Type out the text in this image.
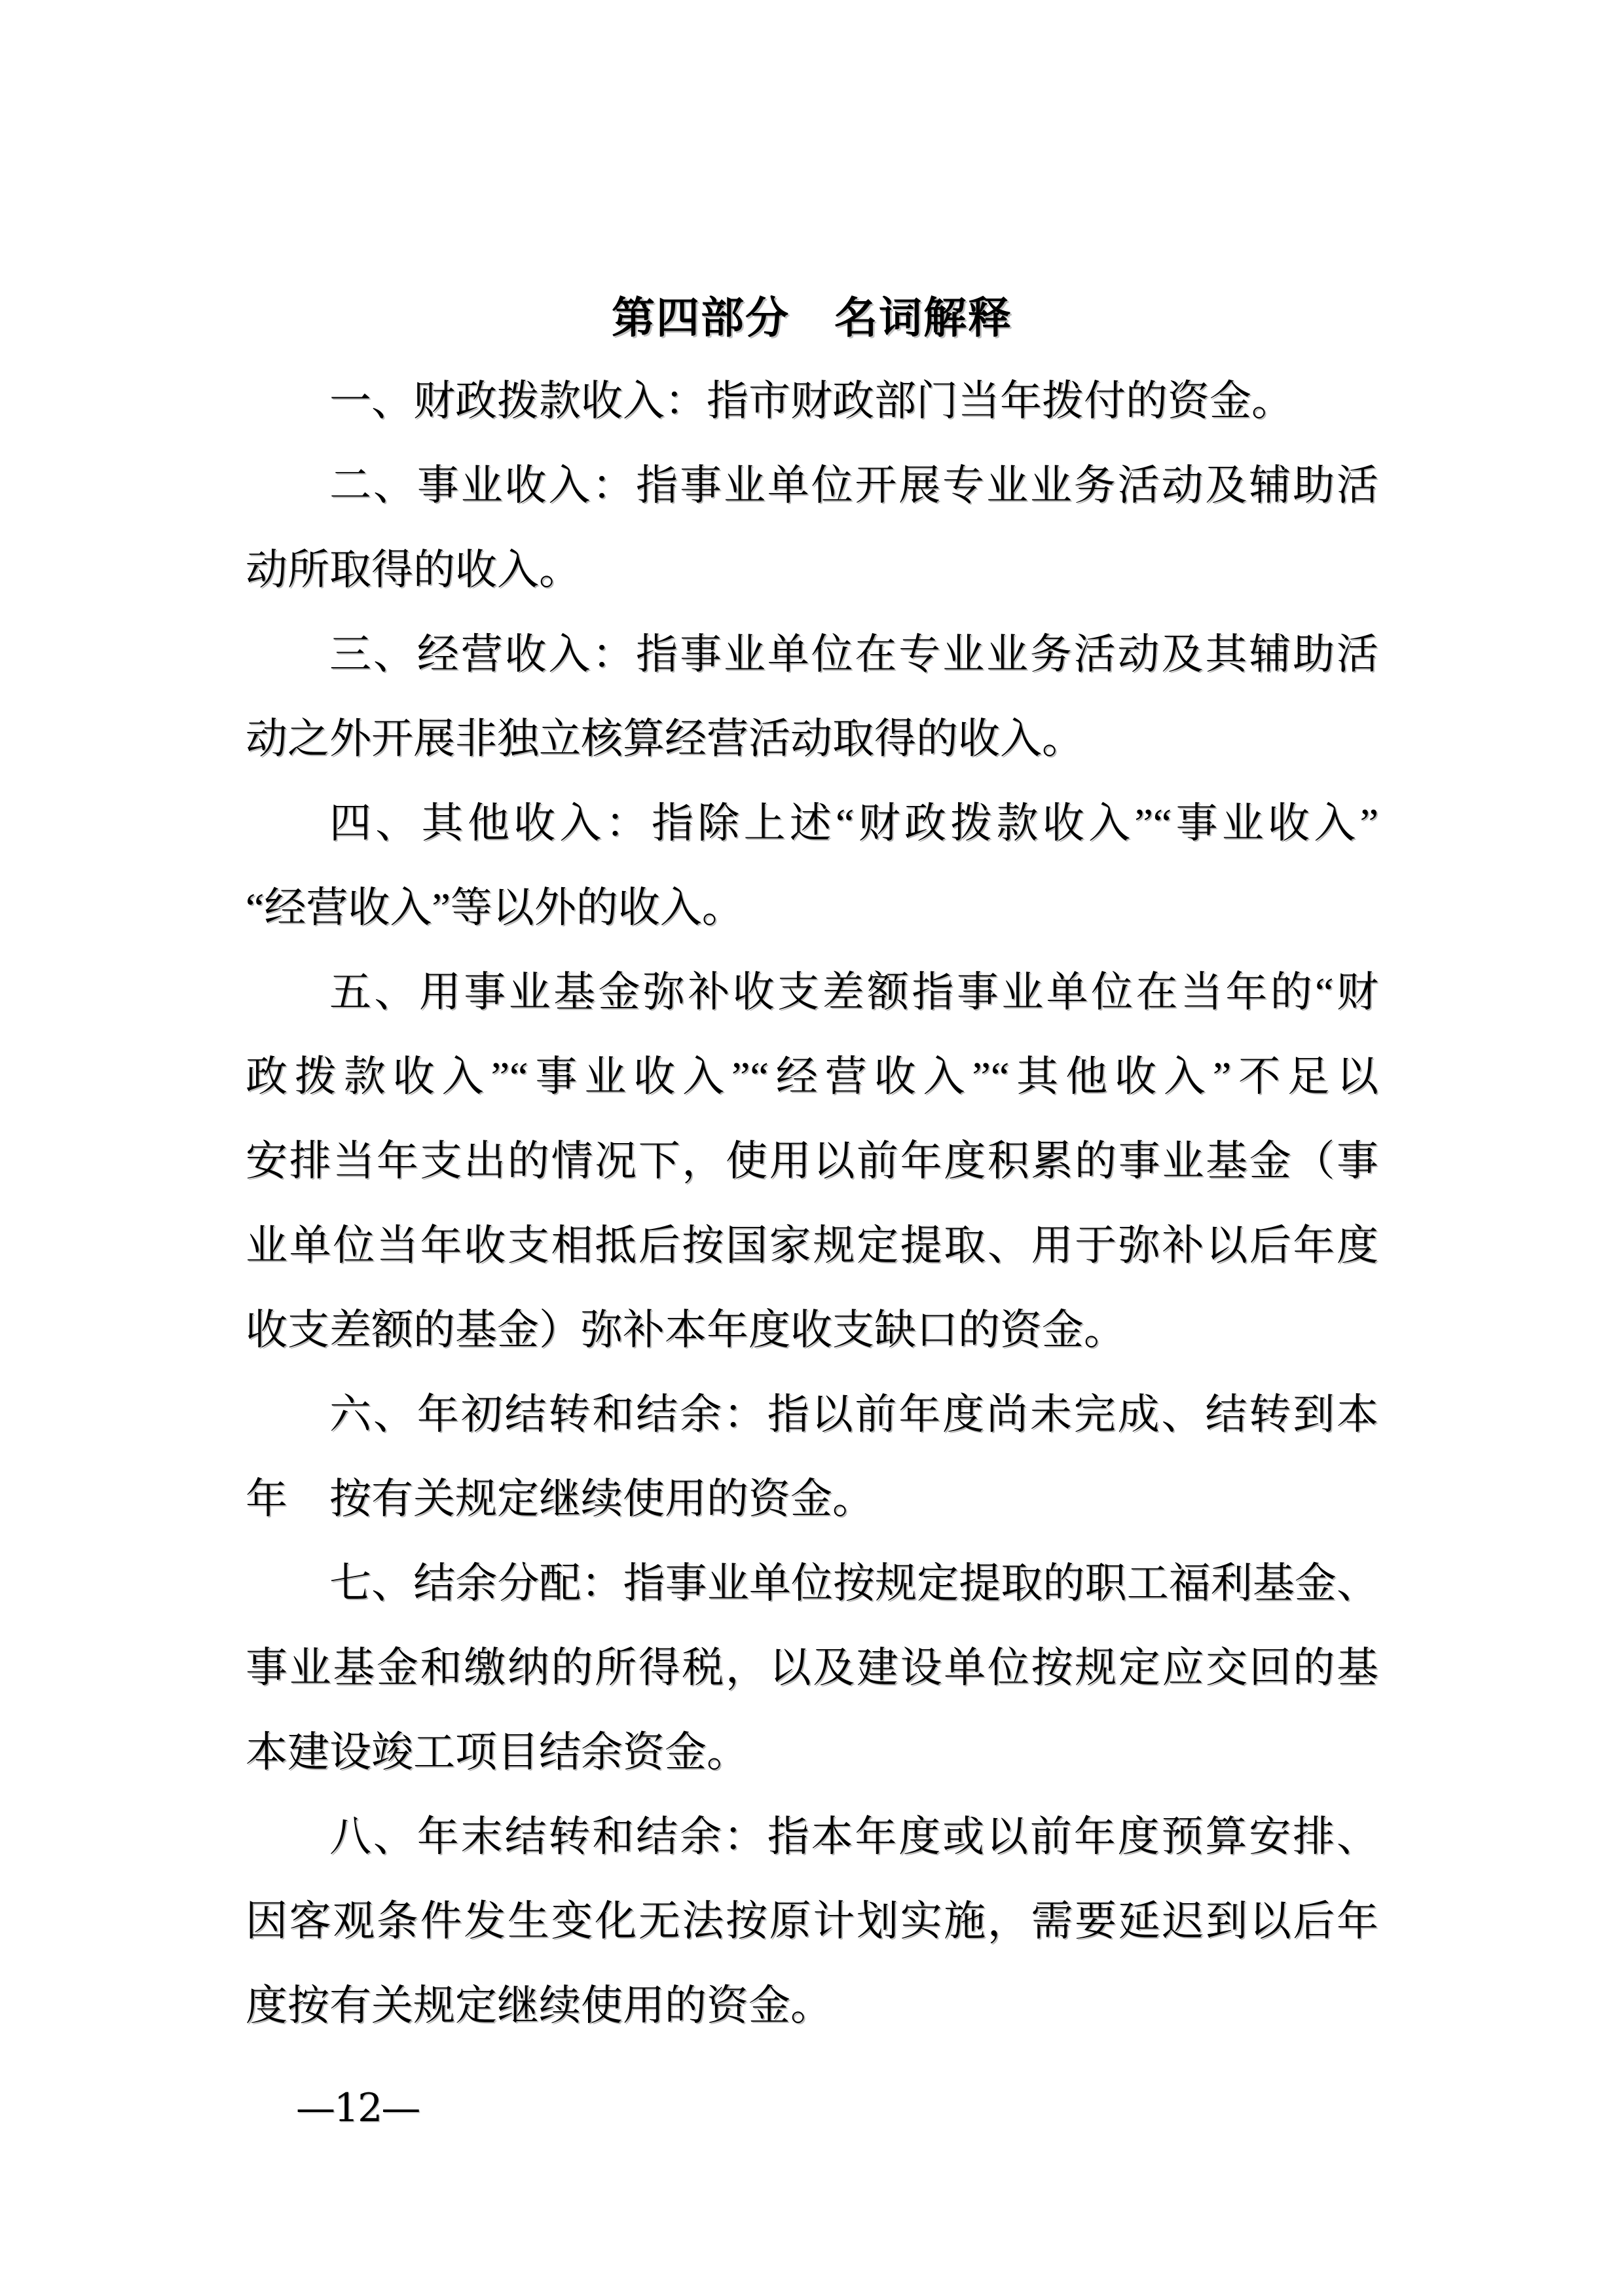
第四部分　名词解释
一、财政拨款收入：指市财政部门当年拨付的资金。
二、事业收入：指事业单位开展专业业务活动及辅助活
动所取得的收入。
三、经营收入：指事业单位在专业业务活动及其辅助活
动之外开展非独立核算经营活动取得的收入。
四、其他收入：指除上述“财政拨款收入”“事业收入”
“经营收入”等以外的收入。
五、用事业基金弥补收支差额指事业单位在当年的“财
政拨款收入”“事业收入”“经营收入”“其他收入”不足以
安排当年支出的情况下，使用以前年度积累的事业基金（事
业单位当年收支相抵后按国家规定提取、用于弥补以后年度
收支差额的基金）弥补本年度收支缺口的资金。
六、年初结转和结余：指以前年度尚未完成、结转到本
年　按有关规定继续使用的资金。
七、结余分配：指事业单位按规定提取的职工福利基金、
事业基金和缴纳的所得税，以及建设单位按规定应交回的基
本建设竣工项目结余资金。
八、年末结转和结余：指本年度或以前年度预算安排、
因客观条件发生变化无法按原计划实施，需要延迟到以后年
度按有关规定继续使用的资金。
—12—
